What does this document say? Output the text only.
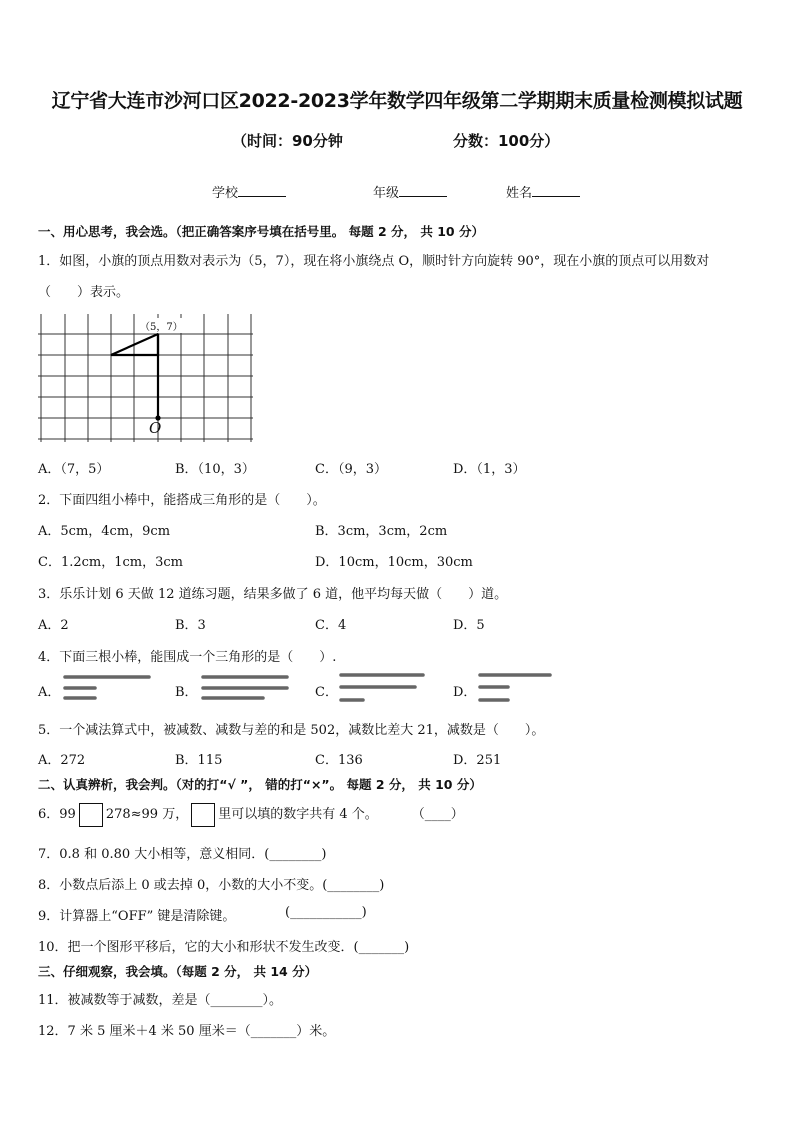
辽宁省大连市沙河口区2022-2023学年数学四年级第二学期期末质量检测模拟试题
（时间：90分钟	分数：100分）
学校	年级	姓名
一、用心思考，我会选。（把正确答案序号填在括号里。 每题 2 分， 共 10 分）
1．如图，小旗的顶点用数对表示为（5，7），现在将小旗绕点 O，顺时针方向旋转 90°，现在小旗的顶点可以用数对
（　　）表示。
（5，7）
O
A．（7，5）	B．（10，3）	C．（9，3）	D．（1，3）
2．下面四组小棒中，能搭成三角形的是（　　）。
A．5cm，4cm，9cm	B．3cm，3cm，2cm
C．1.2cm，1cm，3cm	D．10cm，10cm，30cm
3．乐乐计划 6 天做 12 道练习题，结果多做了 6 道，他平均每天做（　　）道。
A．2	B．3	C．4	D．5
4．下面三根小棒，能围成一个三角形的是（　　）.
A．	B．	C．	D．
5．一个减法算式中，被减数、减数与差的和是 502，减数比差大 21，减数是（　　）。
A．272	B．115	C．136	D．251
二、认真辨析，我会判。（对的打“√ ”， 错的打“×”。 每题 2 分， 共 10 分）
6．99 278≈99 万， 里可以填的数字共有 4 个。	（____）
7．0.8 和 0.80 大小相等，意义相同．(________)
8．小数点后添上 0 或去掉 0，小数的大小不变。(________)
9．计算器上“OFF” 键是清除键。	(___________)
10．把一个图形平移后，它的大小和形状不发生改变．(_______)
三、仔细观察，我会填。（每题 2 分， 共 14 分）
11．被减数等于减数，差是（________）。
12．7 米 5 厘米＋4 米 50 厘米＝（_______）米。
